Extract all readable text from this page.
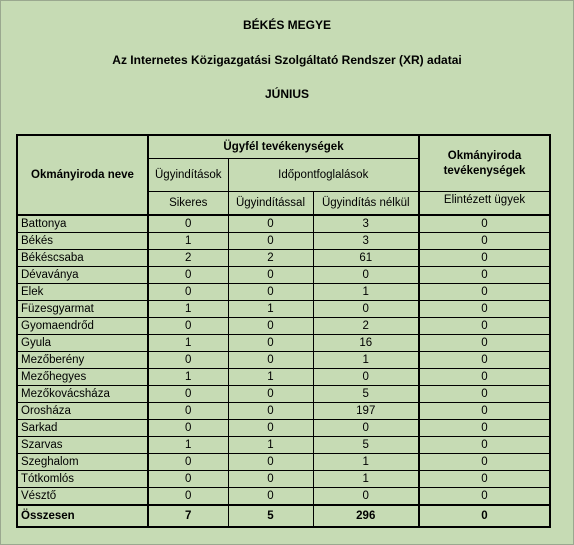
BÉKÉS MEGYE
Az Internetes Közigazgatási Szolgáltató Rendszer (XR) adatai
JÚNIUS
Okmányiroda neve	Ügyfél tevékenységek			Okmányiroda tevékenységek
	Ügyindítások	Időpontfoglalások		
	Sikeres	Ügyindítással	Ügyindítás nélkül	Elintézett ügyek
Battonya	0	0	3	0
Békés	1	0	3	0
Békéscsaba	2	2	61	0
Dévaványa	0	0	0	0
Elek	0	0	1	0
Füzesgyarmat	1	1	0	0
Gyomaendrőd	0	0	2	0
Gyula	1	0	16	0
Mezőberény	0	0	1	0
Mezőhegyes	1	1	0	0
Mezőkovácsháza	0	0	5	0
Orosháza	0	0	197	0
Sarkad	0	0	0	0
Szarvas	1	1	5	0
Szeghalom	0	0	1	0
Tótkomlós	0	0	1	0
Vésztő	0	0	0	0
Összesen	7	5	296	0
